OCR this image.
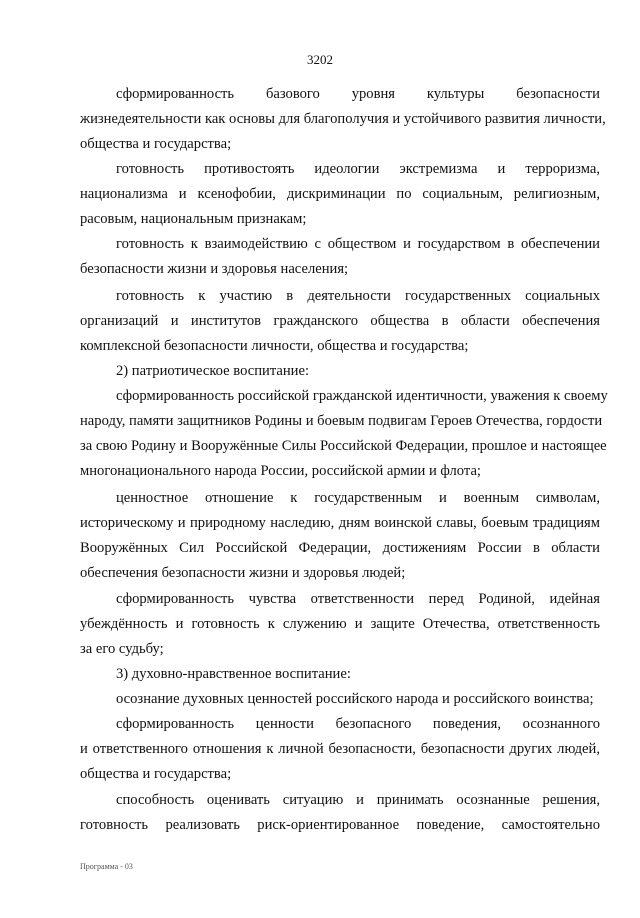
3202
сформированность базового уровня культуры безопасности
жизнедеятельности как основы для благополучия и устойчивого развития личности,
общества и государства;
готовность противостоять идеологии экстремизма и терроризма,
национализма и ксенофобии, дискриминации по социальным, религиозным,
расовым, национальным признакам;
готовность к взаимодействию с обществом и государством в обеспечении
безопасности жизни и здоровья населения;
готовность к участию в деятельности государственных социальных
организаций и институтов гражданского общества в области обеспечения
комплексной безопасности личности, общества и государства;
2) патриотическое воспитание:
сформированность российской гражданской идентичности, уважения к своему
народу, памяти защитников Родины и боевым подвигам Героев Отечества, гордости
за свою Родину и Вооружённые Силы Российской Федерации, прошлое и настоящее
многонационального народа России, российской армии и флота;
ценностное отношение к государственным и военным символам,
историческому и природному наследию, дням воинской славы, боевым традициям
Вооружённых Сил Российской Федерации, достижениям России в области
обеспечения безопасности жизни и здоровья людей;
сформированность чувства ответственности перед Родиной, идейная
убеждённость и готовность к служению и защите Отечества, ответственность
за его судьбу;
3) духовно-нравственное воспитание:
осознание духовных ценностей российского народа и российского воинства;
сформированность ценности безопасного поведения, осознанного
и ответственного отношения к личной безопасности, безопасности других людей,
общества и государства;
способность оценивать ситуацию и принимать осознанные решения,
готовность реализовать риск-ориентированное поведение, самостоятельно
Программа - 03
